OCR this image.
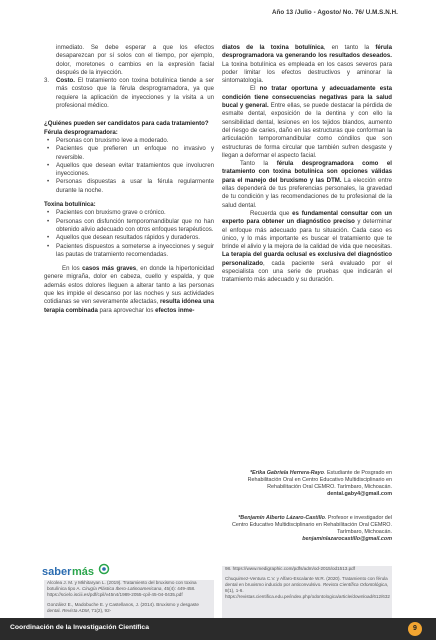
Año 13 /Julio - Agosto/ No. 76/ U.M.S.N.H.

inmediato. Se debe esperar a que los efectos desaparezcan por sí solos con el tiempo, por ejemplo, dolor, moretones o cambios en la expresión facial después de la inyección.

3.	Costo. El tratamiento con toxina botulínica tiende a ser más costoso que la férula desprogramadora, ya que requiere la aplicación de inyecciones y la visita a un profesional médico.

¿Quiénes pueden ser candidatos para cada tratamiento?

Férula desprogramadora:

• Personas con bruxismo leve a moderado.
• Pacientes que prefieren un enfoque no invasivo y reversible.
• Aquellos que desean evitar tratamientos que involucren inyecciones.
• Personas dispuestas a usar la férula regularmente durante la noche.

Toxina botulínica:

• Pacientes con bruxismo grave o crónico.
• Personas con disfunción temporomandibular que no han obtenido alivio adecuado con otros enfoques terapéuticos.
• Aquellos que desean resultados rápidos y duraderos.
• Pacientes dispuestos a someterse a inyecciones y seguir las pautas de tratamiento recomendadas.

En los casos más graves, en donde la hipertonicidad genere migraña, dolor en cabeza, cuello y espalda, y que además estos dolores lleguen a alterar tanto a las personas que les impide el descanso por las noches y sus actividades cotidianas se ven severamente afectadas, resulta idónea una terapia combinada para aprovechar los efectos inme-

diatos de la toxina botulínica, en tanto la férula desprogramadora va generando los resultados deseados. La toxina botulínica es empleada en los casos severos para poder limitar los efectos destructivos y aminorar la sintomatología.

El no tratar oportuna y adecuadamente esta condición tiene consecuencias negativas para la salud bucal y general. Entre ellas, se puede destacar la pérdida de esmalte dental, exposición de la dentina y con ello la sensibilidad dental, lesiones en los tejidos blandos, aumento del riesgo de caries, daño en las estructuras que conforman la articulación temporomandibular como cóndilos que son estructuras de forma circular que también sufren desgaste y llegan a deformar el aspecto facial.

Tanto la férula desprogramadora como el tratamiento con toxina botulínica son opciones válidas para el manejo del bruxismo y las DTM. La elección entre ellas dependerá de tus preferencias personales, la gravedad de tu condición y las recomendaciones de tu profesional de la salud dental.

Recuerda que es fundamental consultar con un experto para obtener un diagnóstico preciso y determinar el enfoque más adecuado para tu situación. Cada caso es único, y lo más importante es buscar el tratamiento que te brinde el alivio y la mejora de la calidad de vida que necesitas. La terapia del guarda oclusal es exclusiva del diagnóstico personalizado, cada paciente será evaluado por el especialista con una serie de pruebas que indicarán el tratamiento más adecuado y su duración.

*Erika Gabriela Herrera-Rayo. Estudiante de Posgrado en Rehabilitación Oral en Centro Educativo Multidisciplinario en Rehabilitación Oral CEMRO. Tarímbaro, Michoacán.
dental.gaby4@gmail.com
*Benjamín Alberto Lázaro-Castillo. Profesor e investigador del Centro Educativo Multidisciplinario en Rehabilitación Oral CEMRO. Tarímbaro, Michoacán.
benjaminlazarocastillo@gmail.com
saber más

Alcolea J. M. y Mkhitaryan L. (2019). Tratamiento del bruxismo con toxina botulínica tipo A. Cirugía Plástica Ibero-Latinoamericana, 45(4): 449-458. https://scielo.isciii.es/pdf/cpil/v45n4/1989-2055-cpil-45-04-0435.pdf

González E., Madobuche E. y Castellanos, J. (2014). Bruxismo y desgaste dental. Revista ADM, 71(2), 92-

98. https://www.medigraphic.com/pdfs/adm/od-2015/od1513.pdf

Chuquimez-Ventura C.V. y Alfaro-Escalante W.R. (2020). Tratamiento con férula dental en bruxismo inducido por anticonvulsivo. Revista Científica Odontológica, 8(1), 1-6. https://revistas.cientifica.edu.pe/index.php/odontologica/article/download/612/632

Coordinación de la Investigación Científica	9
